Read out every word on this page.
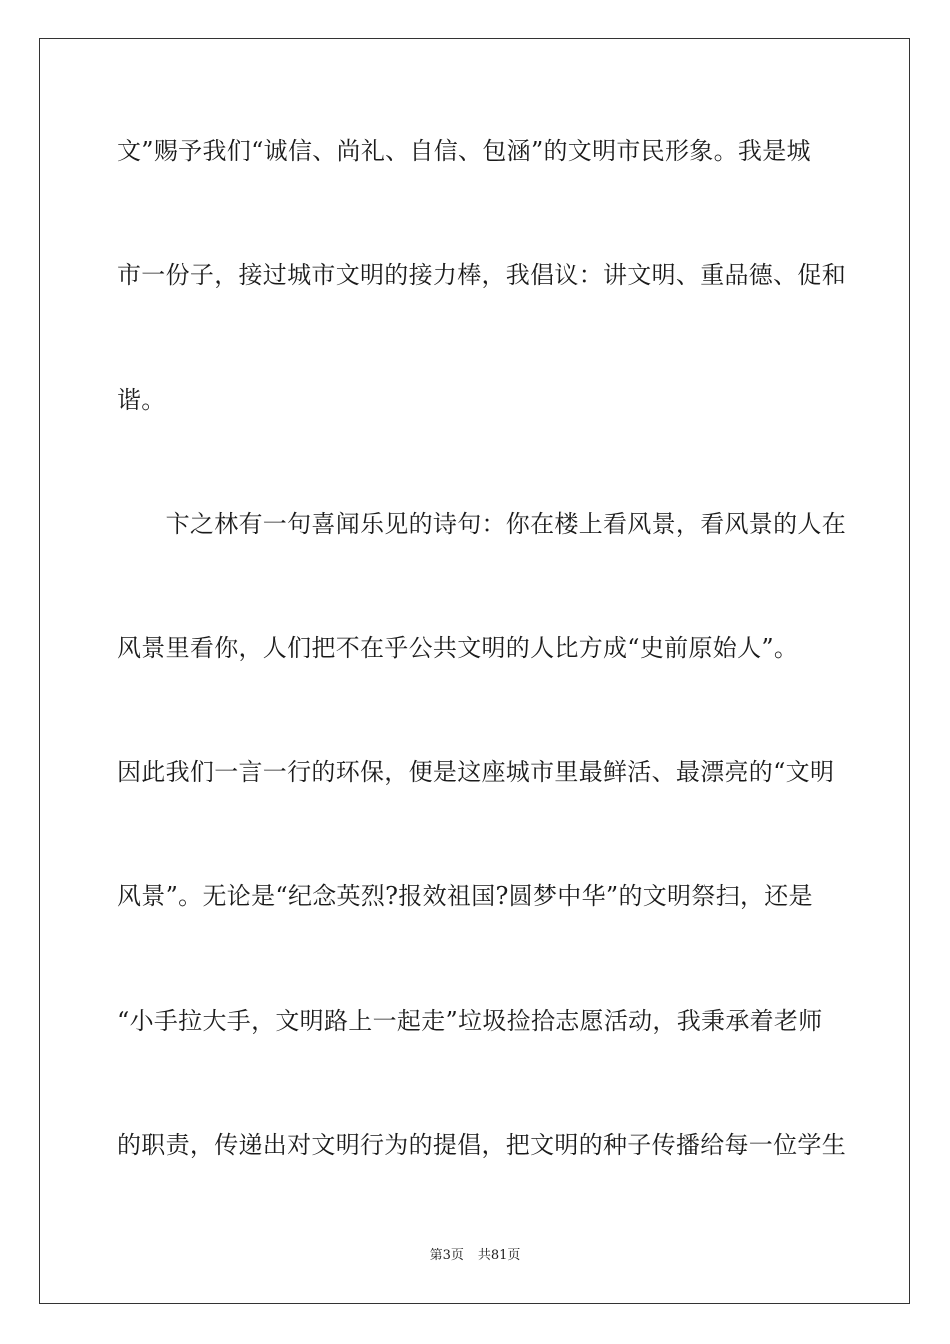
文”赐予我们“诚信、尚礼、自信、包涵”的文明市民形象。我是城
市一份子，接过城市文明的接力棒，我倡议：讲文明、重品德、促和
谐。
　　卞之林有一句喜闻乐见的诗句：你在楼上看风景，看风景的人在
风景里看你，人们把不在乎公共文明的人比方成“史前原始人”。
因此我们一言一行的环保，便是这座城市里最鲜活、最漂亮的“文明
风景”。无论是“纪念英烈?报效祖国?圆梦中华”的文明祭扫，还是
“小手拉大手，文明路上一起走”垃圾捡拾志愿活动，我秉承着老师
的职责，传递出对文明行为的提倡，把文明的种子传播给每一位学生
第3页 共81页
